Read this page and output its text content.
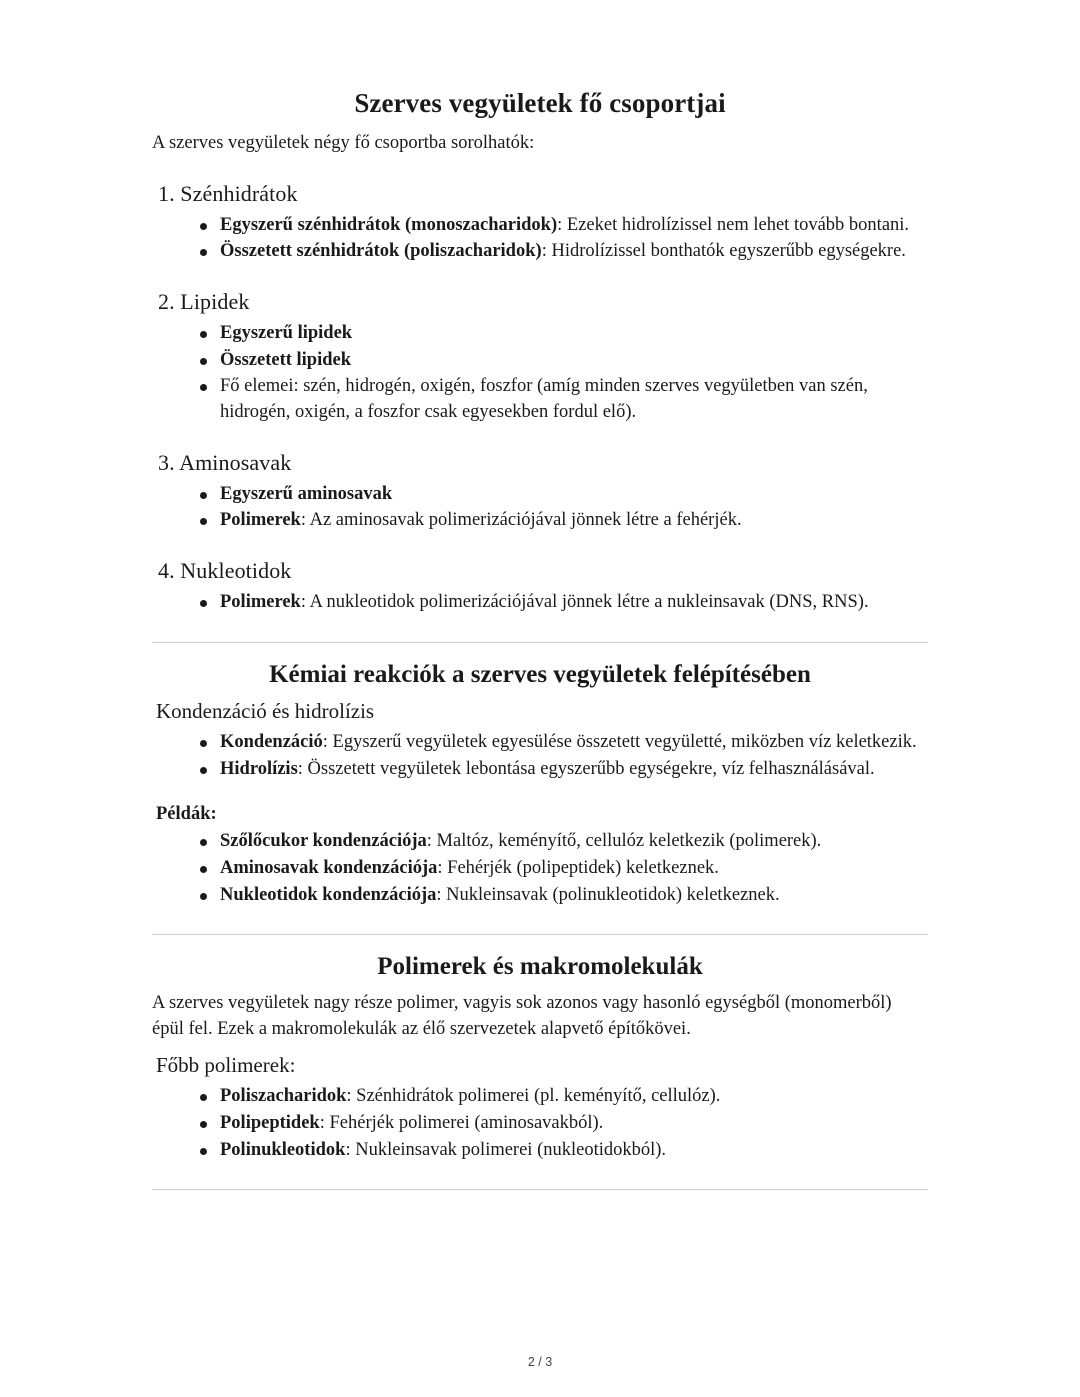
Szerves vegyületek fő csoportjai

A szerves vegyületek négy fő csoportba sorolhatók:

1. Szénhidrátok
Egyszerű szénhidrátok (monoszacharidok): Ezeket hidrolízissel nem lehet tovább bontani.
Összetett szénhidrátok (poliszacharidok): Hidrolízissel bonthatók egyszerűbb egységekre.
2. Lipidek
Egyszerű lipidek
Összetett lipidek
Fő elemei: szén, hidrogén, oxigén, foszfor (amíg minden szerves vegyületben van szén, hidrogén, oxigén, a foszfor csak egyesekben fordul elő).
3. Aminosavak
Egyszerű aminosavak
Polimerek: Az aminosavak polimerizációjával jönnek létre a fehérjék.
4. Nukleotidok
Polimerek: A nukleotidok polimerizációjával jönnek létre a nukleinsavak (DNS, RNS).
Kémiai reakciók a szerves vegyületek felépítésében
Kondenzáció és hidrolízis
Kondenzáció: Egyszerű vegyületek egyesülése összetett vegyületté, miközben víz keletkezik.
Hidrolízis: Összetett vegyületek lebontása egyszerűbb egységekre, víz felhasználásával.
Példák:
Szőlőcukor kondenzációja: Maltóz, keményítő, cellulóz keletkezik (polimerek).
Aminosavak kondenzációja: Fehérjék (polipeptidek) keletkeznek.
Nukleotidok kondenzációja: Nukleinsavak (polinukleotidok) keletkeznek.
Polimerek és makromolekulák

A szerves vegyületek nagy része polimer, vagyis sok azonos vagy hasonló egységből (monomerből) épül fel. Ezek a makromolekulák az élő szervezetek alapvető építőkövei.

Főbb polimerek:
Poliszacharidok: Szénhidrátok polimerei (pl. keményítő, cellulóz).
Polipeptidek: Fehérjék polimerei (aminosavakból).
Polinukleotidok: Nukleinsavak polimerei (nukleotidokból).
2 / 3
